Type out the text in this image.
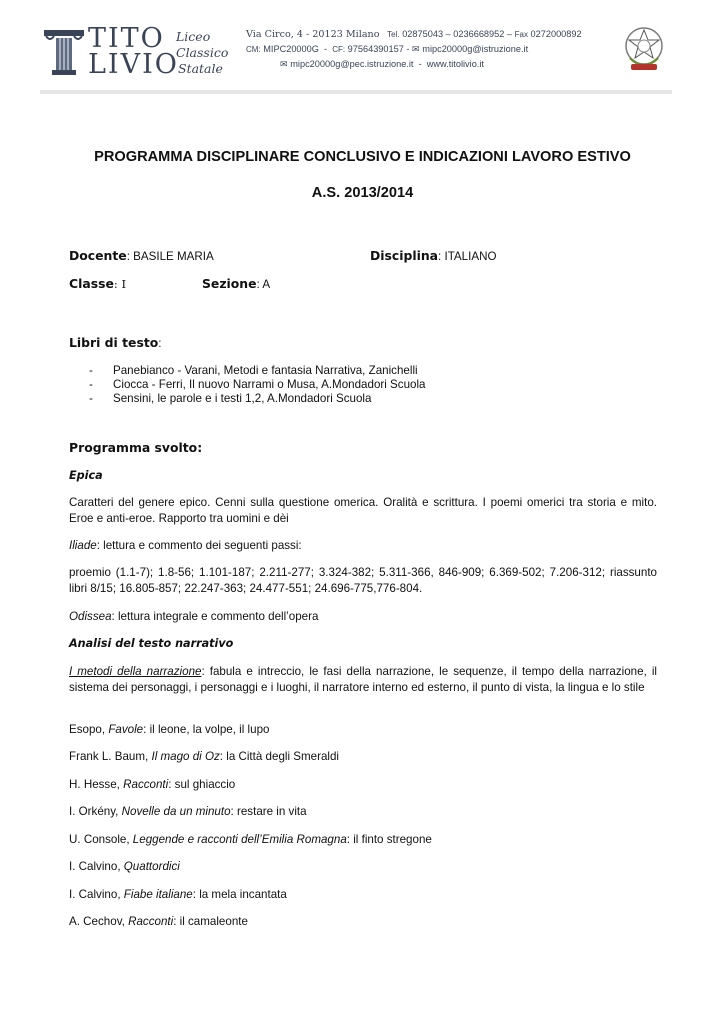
TITO
LIVIO
Liceo
Classico
Statale
Via Circo, 4 - 20123 Milano Tel. 02875043 – 0236668952 – Fax 0272000892
CM: MIPC20000G  -  CF: 97564390157 - ✉ mipc20000g@istruzione.it
✉ mipc20000g@pec.istruzione.it - www.titolivio.it
PROGRAMMA DISCIPLINARE CONCLUSIVO E INDICAZIONI LAVORO ESTIVO
A.S. 2013/2014
Docente: BASILE MARIA	Disciplina: ITALIANO
Classe: I	Sezione: A
Libri di testo:
- Panebianco - Varani, Metodi e fantasia Narrativa, Zanichelli
- Ciocca - Ferri, Il nuovo Narrami o Musa, A.Mondadori Scuola
- Sensini, le parole e i testi 1,2, A.Mondadori Scuola
Programma svolto:
Epica
Caratteri del genere epico. Cenni sulla questione omerica. Oralità e scrittura. I poemi omerici tra storia e mito. Eroe e anti-eroe. Rapporto tra uomini e dèi
Iliade: lettura e commento dei seguenti passi:
proemio (1.1-7); 1.8-56; 1.101-187; 2.211-277; 3.324-382; 5.311-366, 846-909; 6.369-502; 7.206-312; riassunto libri 8/15; 16.805-857; 22.247-363; 24.477-551; 24.696-775,776-804.
Odissea: lettura integrale e commento dell’opera
Analisi del testo narrativo
I metodi della narrazione: fabula e intreccio, le fasi della narrazione, le sequenze, il tempo della narrazione, il sistema dei personaggi, i personaggi e i luoghi, il narratore interno ed esterno, il punto di vista, la lingua e lo stile
Esopo, Favole: il leone, la volpe, il lupo
Frank L. Baum, Il mago di Oz: la Città degli Smeraldi
H. Hesse, Racconti: sul ghiaccio
I. Orkény, Novelle da un minuto: restare in vita
U. Console, Leggende e racconti dell’Emilia Romagna: il finto stregone
I. Calvino, Quattordici
I. Calvino, Fiabe italiane: la mela incantata
A. Cechov, Racconti: il camaleonte
